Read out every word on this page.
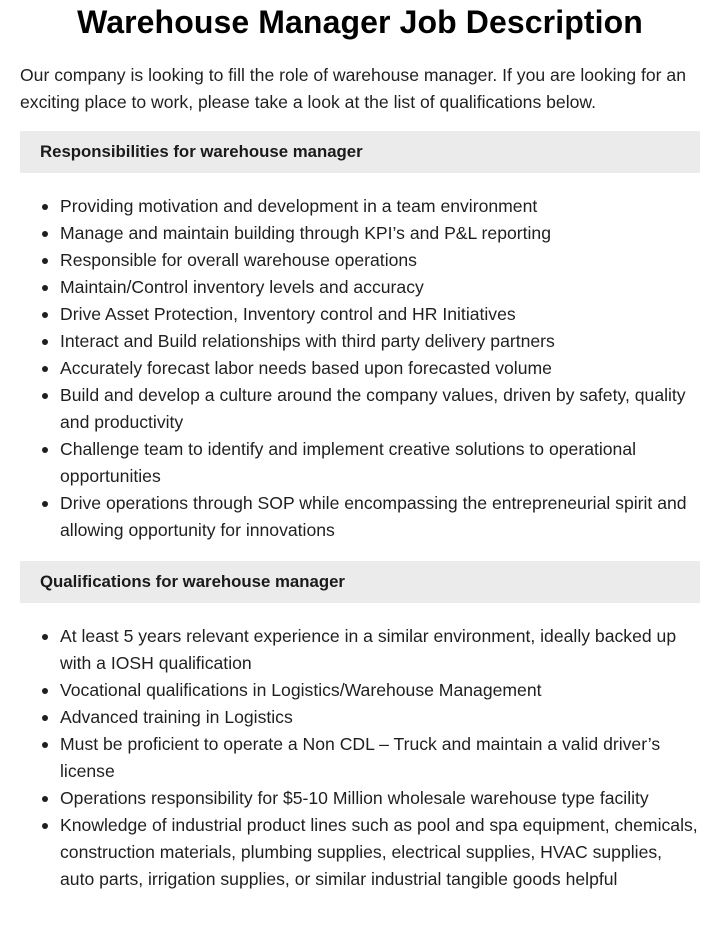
Warehouse Manager Job Description

Our company is looking to fill the role of warehouse manager. If you are looking for an exciting place to work, please take a look at the list of qualifications below.

Responsibilities for warehouse manager
Providing motivation and development in a team environment
Manage and maintain building through KPI’s and P&L reporting
Responsible for overall warehouse operations
Maintain/Control inventory levels and accuracy
Drive Asset Protection, Inventory control and HR Initiatives
Interact and Build relationships with third party delivery partners
Accurately forecast labor needs based upon forecasted volume
Build and develop a culture around the company values, driven by safety, quality and productivity
Challenge team to identify and implement creative solutions to operational opportunities
Drive operations through SOP while encompassing the entrepreneurial spirit and allowing opportunity for innovations
Qualifications for warehouse manager
At least 5 years relevant experience in a similar environment, ideally backed up with a IOSH qualification
Vocational qualifications in Logistics/Warehouse Management
Advanced training in Logistics
Must be proficient to operate a Non CDL – Truck and maintain a valid driver’s license
Operations responsibility for $5-10 Million wholesale warehouse type facility
Knowledge of industrial product lines such as pool and spa equipment, chemicals, construction materials, plumbing supplies, electrical supplies, HVAC supplies, auto parts, irrigation supplies, or similar industrial tangible goods helpful
